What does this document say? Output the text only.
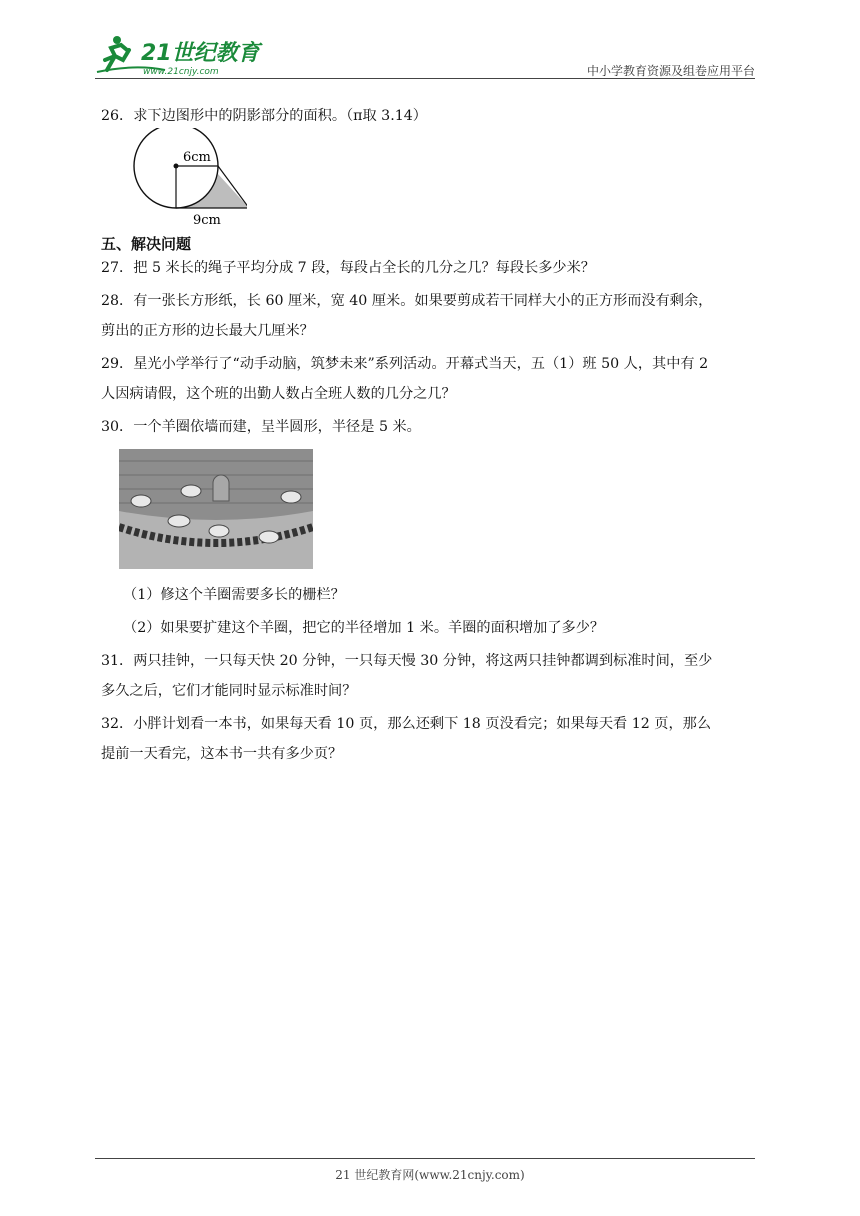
21世纪教育
www.21cnjy.com	中小学教育资源及组卷应用平台

26．求下边图形中的阴影部分的面积。（π取 3.14）

6cm
9cm

五、解决问题

27．把 5 米长的绳子平均分成 7 段，每段占全长的几分之几？每段长多少米？

28．有一张长方形纸，长 60 厘米，宽 40 厘米。如果要剪成若干同样大小的正方形而没有剩余，

剪出的正方形的边长最大几厘米？

29．星光小学举行了“动手动脑，筑梦未来”系列活动。开幕式当天，五（1）班 50 人，其中有 2

人因病请假，这个班的出勤人数占全班人数的几分之几？

30．一个羊圈依墙而建，呈半圆形，半径是 5 米。

（1）修这个羊圈需要多长的栅栏？

（2）如果要扩建这个羊圈，把它的半径增加 1 米。羊圈的面积增加了多少？

31．两只挂钟，一只每天快 20 分钟，一只每天慢 30 分钟，将这两只挂钟都调到标准时间，至少

多久之后，它们才能同时显示标准时间？

32．小胖计划看一本书，如果每天看 10 页，那么还剩下 18 页没看完；如果每天看 12 页，那么

提前一天看完，这本书一共有多少页？

21 世纪教育网(www.21cnjy.com)
